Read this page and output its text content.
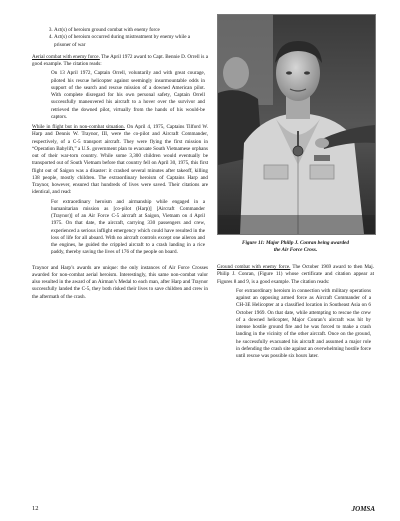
3. Act(s) of heroism ground combat with enemy force
4. Act(s) of heroism occurred during mistreatment by enemy while a prisoner of war

Aerial combat with enemy force. The April 1972 award to Capt. Bennie D. Orrell is a good example. The citation reads:

On 13 April 1972, Captain Orrell, voluntarily and with great courage, piloted his rescue helicopter against seemingly insurmountable odds in support of the search and rescue mission of a downed American pilot. With complete disregard for his own personal safety, Captain Orrell successfully maneuvered his aircraft to a hover over the survivor and retrieved the downed pilot, virtually from the hands of his would-be captors.

While in flight but in non-combat situation. On April 4, 1975, Captains Tilford W. Harp and Dennis W. Traynor, III, were the co-pilot and Aircraft Commander, respectively, of a C-5 transport aircraft. They were flying the first mission in “Operation Babylift,” a U.S. government plan to evacuate South Vietnamese orphans out of their war-torn country. While some 3,300 children would eventually be transported out of South Vietnam before that country fell on April 30, 1975, this first flight out of Saigon was a disaster: it crashed several minutes after takeoff, killing 138 people, mostly children. The extraordinary heroism of Captains Harp and Traynor, however, ensured that hundreds of lives were saved. Their citations are identical, and read:

For extraordinary heroism and airmanship while engaged in a humanitarian mission as [co-pilot (Harp)] [Aircraft Commander (Traynor)] of an Air Force C-5 aircraft at Saigon, Vietnam on 4 April 1975. On that date, the aircraft, carrying 330 passengers and crew, experienced a serious inflight emergency which could have resulted in the loss of life for all aboard. With no aircraft controls except one aileron and the engines, he guided the crippled aircraft to a crash landing in a rice paddy, thereby saving the lives of 176 of the people on board.

Traynor and Harp’s awards are unique: the only instances of Air Force Crosses awarded for non-combat aerial heroism. Interestingly, this same non-combat valor also resulted in the award of an Airman’s Medal to each man, after Harp and Traynor successfully landed the C-5, they both risked their lives to save children and crew in the aftermath of the crash.

Figure 11: Major Philip J. Conran being awarded
the Air Force Cross.

Ground combat with enemy force. The October 1969 award to then Maj. Philip J. Conran, (Figure 11) whose certificate and citation appear at Figures 8 and 9, is a good example. The citation reads:

For extraordinary heroism in connection with military operations against an opposing armed force as Aircraft Commander of a CH-3E Helicopter at a classified location in Southeast Asia on 6 October 1969. On that date, while attempting to rescue the crew of a downed helicopter, Major Conran’s aircraft was hit by intense hostile ground fire and he was forced to make a crash landing in the vicinity of the other aircraft. Once on the ground, he successfully evacuated his aircraft and assumed a major role in defending the crash site against an overwhelming hostile force until rescue was possible six hours later.

12	JOMSA
